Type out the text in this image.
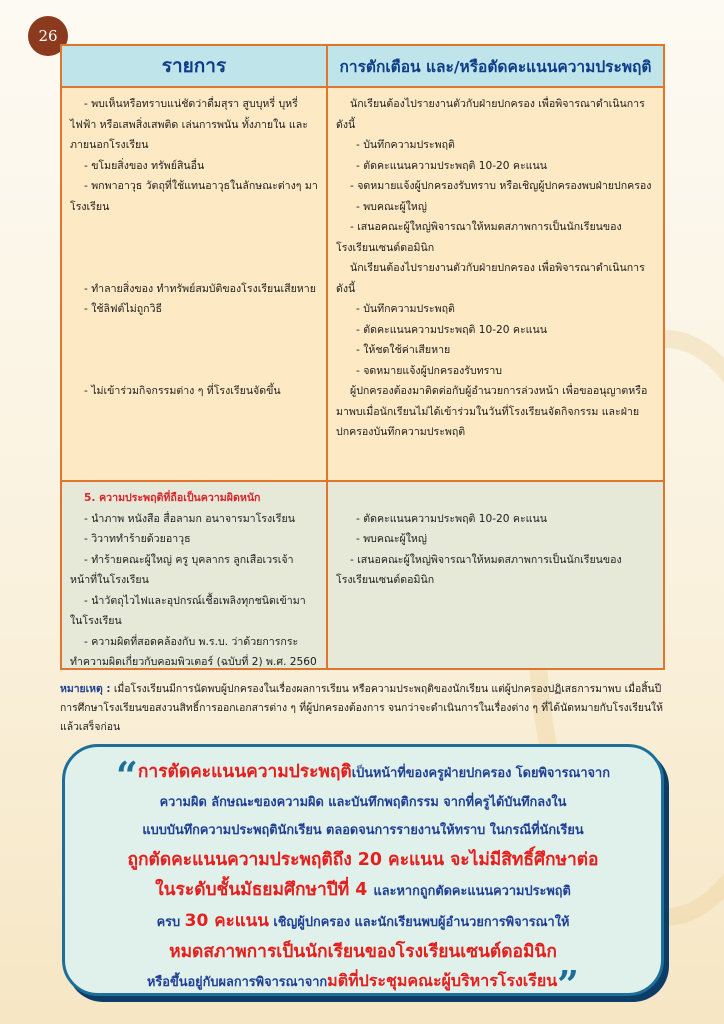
26
รายการ	การตักเตือน และ/หรือตัดคะแนนความประพฤติ

- พบเห็นหรือทราบแน่ชัดว่าดื่มสุรา สูบบุหรี่ บุหรี่ไฟฟ้า หรือเสพสิ่งเสพติด เล่นการพนัน ทั้งภายใน และภายนอกโรงเรียน

- ขโมยสิ่งของ ทรัพย์สินอื่น

- พกพาอาวุธ วัตถุที่ใช้แทนอาวุธในลักษณะต่างๆ มาโรงเรียน

- ทำลายสิ่งของ ทำทรัพย์สมบัติของโรงเรียนเสียหาย

- ใช้ลิฟต์ไม่ถูกวิธี

- ไม่เข้าร่วมกิจกรรมต่าง ๆ ที่โรงเรียนจัดขึ้น

นักเรียนต้องไปรายงานตัวกับฝ่ายปกครอง เพื่อพิจารณาดำเนินการดังนี้

- บันทึกความประพฤติ

- ตัดคะแนนความประพฤติ 10-20 คะแนน

- จดหมายแจ้งผู้ปกครองรับทราบ หรือเชิญผู้ปกครองพบฝ่ายปกครอง

- พบคณะผู้ใหญ่

- เสนอคณะผู้ใหญ่พิจารณาให้หมดสภาพการเป็นนักเรียนของโรงเรียนเซนต์ดอมินิก

นักเรียนต้องไปรายงานตัวกับฝ่ายปกครอง เพื่อพิจารณาดำเนินการดังนี้

- บันทึกความประพฤติ

- ตัดคะแนนความประพฤติ 10-20 คะแนน

- ให้ชดใช้ค่าเสียหาย

- จดหมายแจ้งผู้ปกครองรับทราบ

ผู้ปกครองต้องมาติดต่อกับผู้อำนวยการล่วงหน้า เพื่อขออนุญาตหรือมาพบเมื่อนักเรียนไม่ได้เข้าร่วมในวันที่โรงเรียนจัดกิจกรรม และฝ่ายปกครองบันทึกความประพฤติ

5. ความประพฤติที่ถือเป็นความผิดหนัก

- นำภาพ หนังสือ สื่อลามก อนาจารมาโรงเรียน

- วิวาททำร้ายด้วยอาวุธ

- ทำร้ายคณะผู้ใหญ่ ครู บุคลากร ลูกเสือเวรเจ้าหน้าที่ในโรงเรียน

- นำวัตถุไวไฟและอุปกรณ์เชื้อเพลิงทุกชนิดเข้ามาในโรงเรียน

- ความผิดที่สอดคล้องกับ พ.ร.บ. ว่าด้วยการกระทำความผิดเกี่ยวกับคอมพิวเตอร์ (ฉบับที่ 2) พ.ศ. 2560

- ตัดคะแนนความประพฤติ 10-20 คะแนน

- พบคณะผู้ใหญ่

- เสนอคณะผู้ใหญ่พิจารณาให้หมดสภาพการเป็นนักเรียนของโรงเรียนเซนต์ดอมินิก

หมายเหตุ : เมื่อโรงเรียนมีการนัดพบผู้ปกครองในเรื่องผลการเรียน หรือความประพฤติของนักเรียน แต่ผู้ปกครองปฏิเสธการมาพบ เมื่อสิ้นปีการศึกษาโรงเรียนขอสงวนสิทธิ์การออกเอกสารต่าง ๆ ที่ผู้ปกครองต้องการ จนกว่าจะดำเนินการในเรื่องต่าง ๆ ที่ได้นัดหมายกับโรงเรียนให้แล้วเสร็จก่อน

“การตัดคะแนนความประพฤติเป็นหน้าที่ของครูฝ่ายปกครอง โดยพิจารณาจาก

ความผิด ลักษณะของความผิด และบันทึกพฤติกรรม จากที่ครูได้บันทึกลงใน

แบบบันทึกความประพฤตินักเรียน ตลอดจนการรายงานให้ทราบ ในกรณีที่นักเรียน

ถูกตัดคะแนนความประพฤติถึง 20 คะแนน จะไม่มีสิทธิ์ศึกษาต่อ

ในระดับชั้นมัธยมศึกษาปีที่ 4 และหากถูกตัดคะแนนความประพฤติ

ครบ 30 คะแนน เชิญผู้ปกครอง และนักเรียนพบผู้อำนวยการพิจารณาให้

หมดสภาพการเป็นนักเรียนของโรงเรียนเซนต์ดอมินิก

หรือขึ้นอยู่กับผลการพิจารณาจากมติที่ประชุมคณะผู้บริหารโรงเรียน”
